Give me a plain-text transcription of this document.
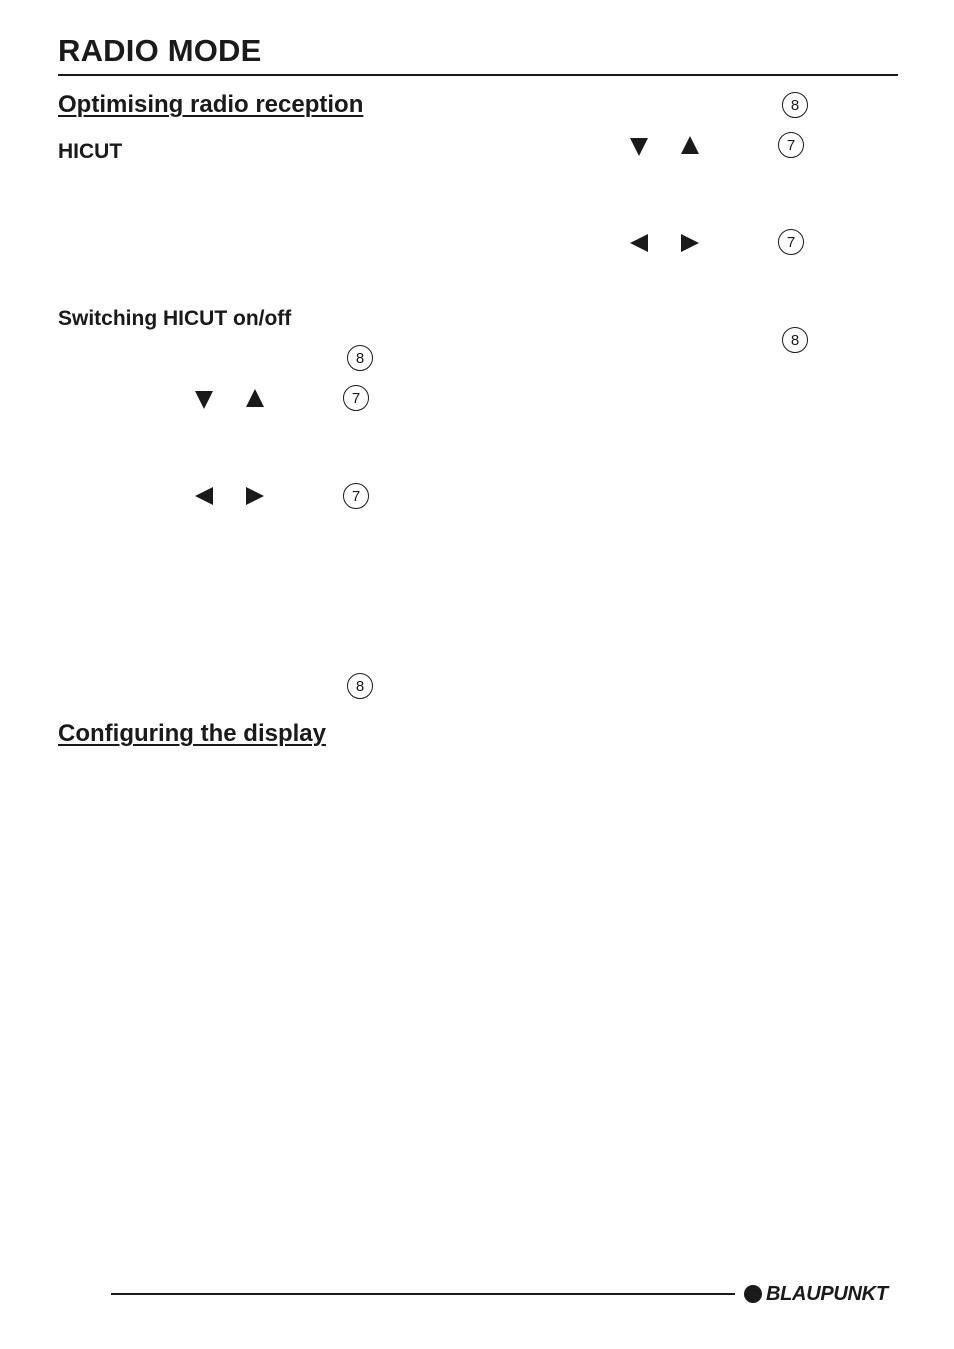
RADIO MODE
Optimising radio reception
HICUT
Switching HICUT on/off
8
7
7
8
Configuring the display
8
7
7
8
BLAUPUNKT
